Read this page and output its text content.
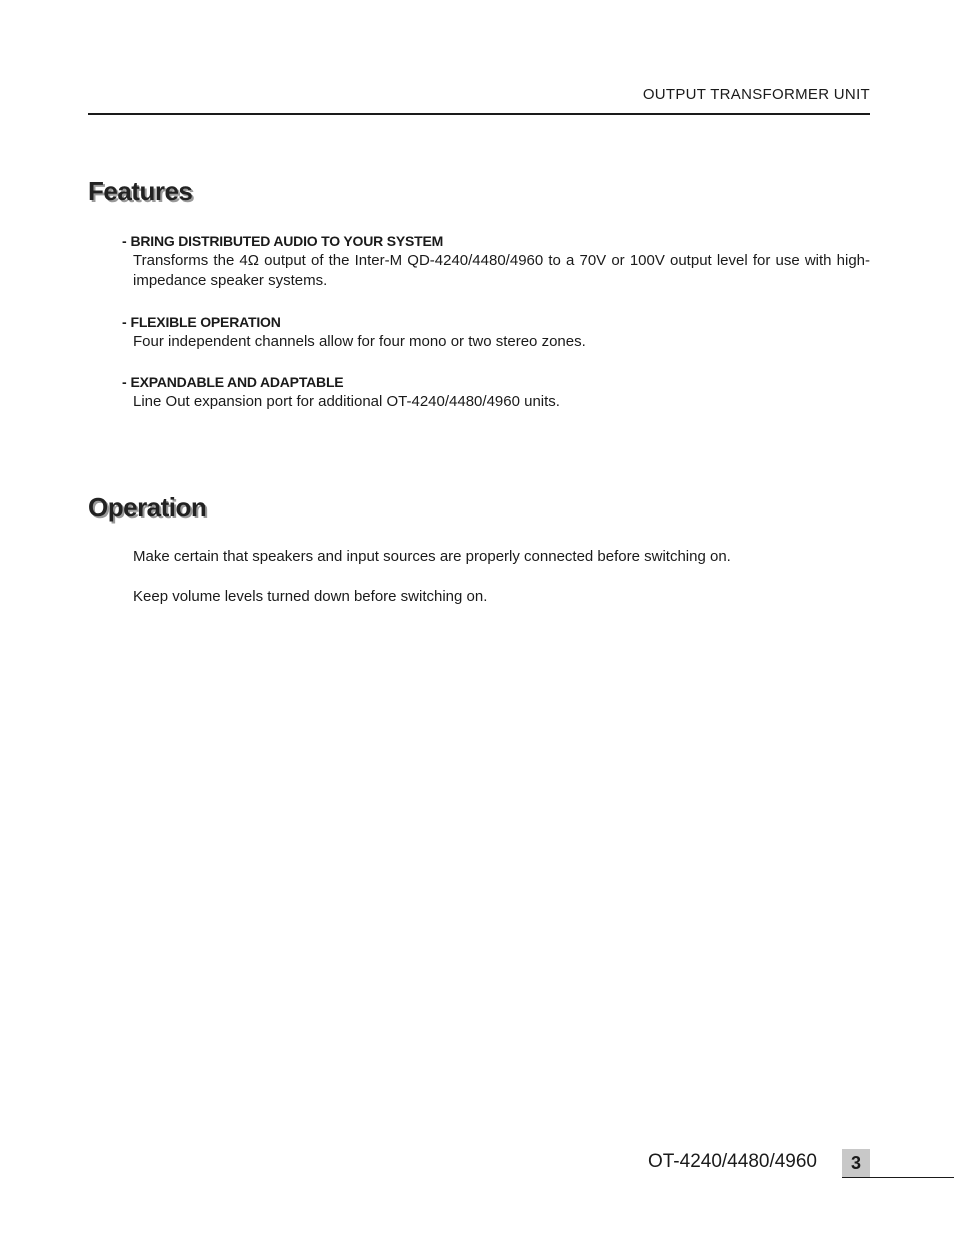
OUTPUT TRANSFORMER UNIT
Features
- BRING DISTRIBUTED AUDIO TO YOUR SYSTEM
Transforms the 4Ω output of the Inter-M QD-4240/4480/4960 to a 70V or 100V output level for use with high-impedance speaker systems.
- FLEXIBLE OPERATION
Four independent channels allow for four mono or two stereo zones.
- EXPANDABLE AND ADAPTABLE
Line Out expansion port for additional OT-4240/4480/4960 units.
Operation

Make certain that speakers and input sources are properly connected before switching on.

Keep volume levels turned down before switching on.

OT-4240/4480/4960	3
